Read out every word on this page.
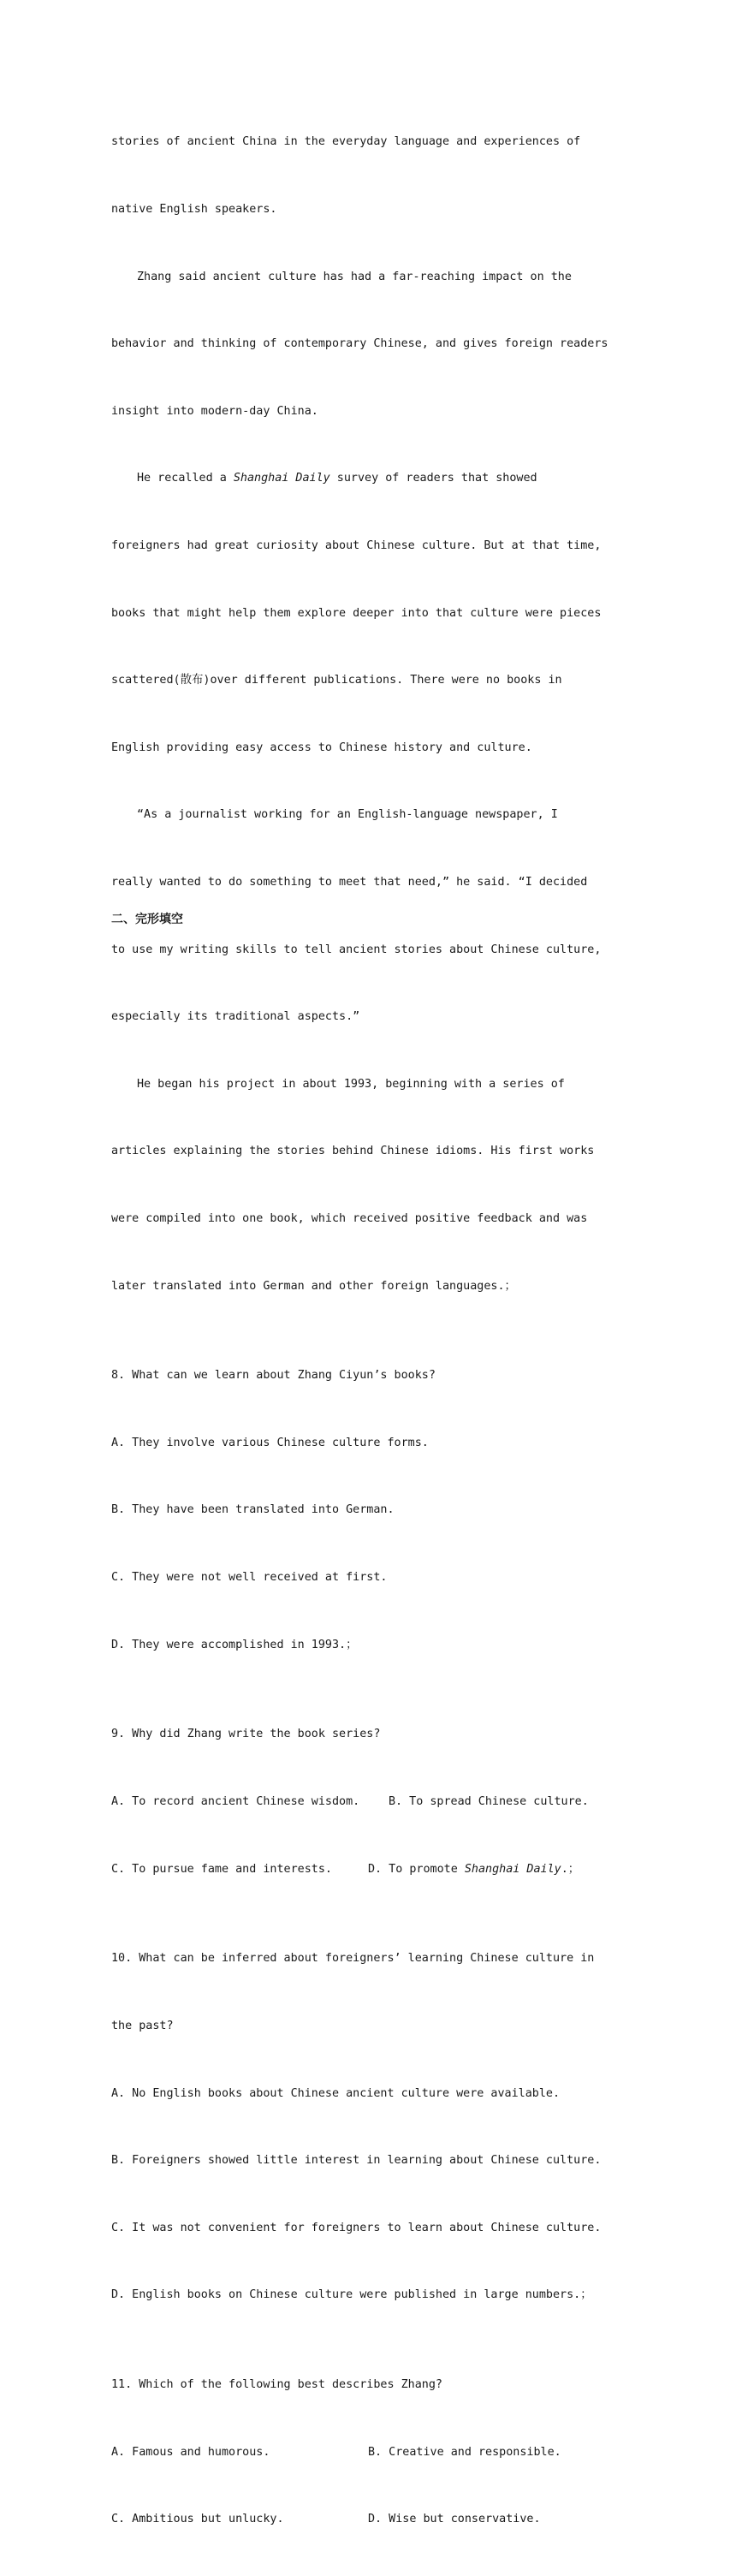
stories of ancient China in the everyday language and experiences of

native English speakers.

Zhang said ancient culture has had a far-reaching impact on the

behavior and thinking of contemporary Chinese, and gives foreign readers

insight into modern-day China.

He recalled a Shanghai Daily survey of readers that showed

foreigners had great curiosity about Chinese culture. But at that time,

books that might help them explore deeper into that culture were pieces

scattered(散布)over different publications. There were no books in

English providing easy access to Chinese history and culture.

“As a journalist working for an English-language newspaper, I

really wanted to do something to meet that need,” he said. “I decided

to use my writing skills to tell ancient stories about Chinese culture,

especially its traditional aspects.”

He began his project in about 1993, beginning with a series of

articles explaining the stories behind Chinese idioms. His first works

were compiled into one book, which received positive feedback and was

later translated into German and other foreign languages.；

8. What can we learn about Zhang Ciyun’s books?

A. They involve various Chinese culture forms.

B. They have been translated into German.

C. They were not well received at first.

D. They were accomplished in 1993.；

9. Why did Zhang write the book series?

A. To record ancient Chinese wisdom.	B. To spread Chinese culture.

C. To pursue fame and interests.	D. To promote Shanghai Daily.；

10. What can be inferred about foreigners’ learning Chinese culture in

the past?

A. No English books about Chinese ancient culture were available.

B. Foreigners showed little interest in learning about Chinese culture.

C. It was not convenient for foreigners to learn about Chinese culture.

D. English books on Chinese culture were published in large numbers.；

11. Which of the following best describes Zhang?

A. Famous and humorous.	B. Creative and responsible.

C. Ambitious but unlucky.	D. Wise but conservative.

二、完形填空
